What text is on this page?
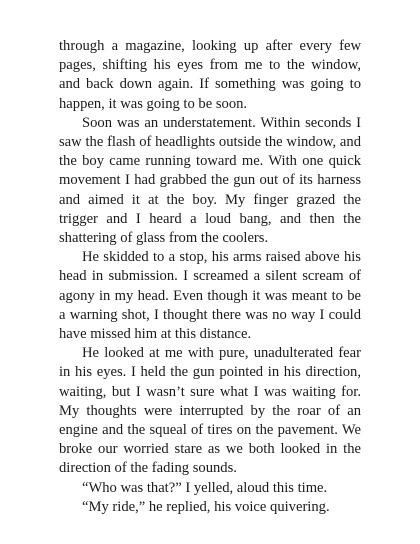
through a magazine, looking up after every few pages, shifting his eyes from me to the window, and back down again. If something was going to happen, it was going to be soon.

Soon was an understatement. Within seconds I saw the flash of headlights outside the window, and the boy came running toward me. With one quick movement I had grabbed the gun out of its harness and aimed it at the boy. My finger grazed the trigger and I heard a loud bang, and then the shattering of glass from the coolers.

He skidded to a stop, his arms raised above his head in submission. I screamed a silent scream of agony in my head. Even though it was meant to be a warning shot, I thought there was no way I could have missed him at this distance.

He looked at me with pure, unadulterated fear in his eyes. I held the gun pointed in his direction, waiting, but I wasn’t sure what I was waiting for. My thoughts were interrupted by the roar of an engine and the squeal of tires on the pavement. We broke our worried stare as we both looked in the direction of the fading sounds.

“Who was that?” I yelled, aloud this time.

“My ride,” he replied, his voice quivering.
